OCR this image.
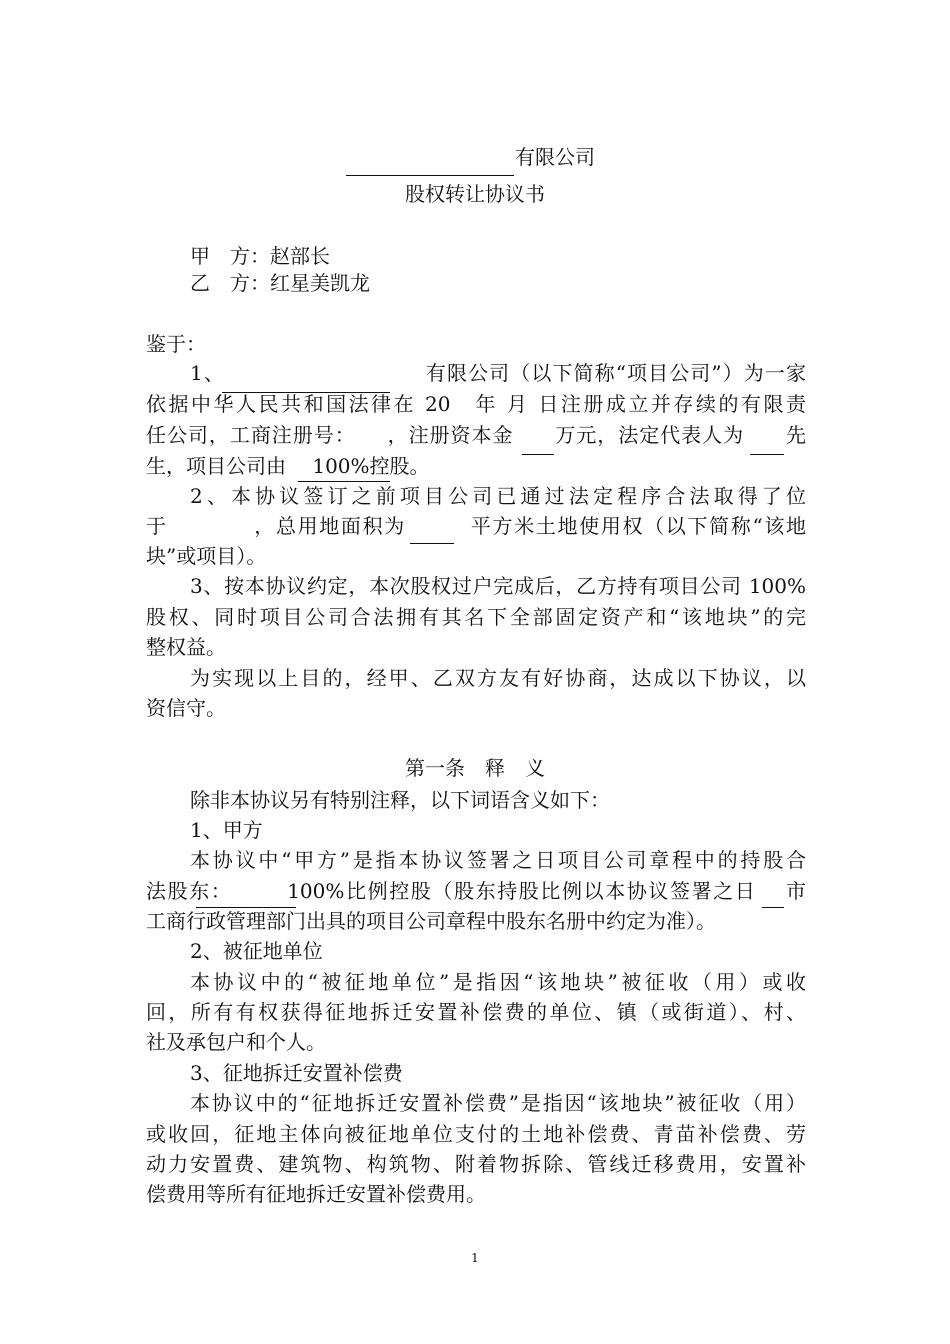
有限公司
股权转让协议书
甲　方：赵部长
乙　方：红星美凯龙
鉴于：
1、　　　　　　　　　　有限公司（以下简称“项目公司”）为一家
依据中华人民共和国法律在 20　年 月 日注册成立并存续的有限责
任公司，工商注册号：　　，注册资本金　　万元，法定代表人为　　先
生，项目公司由　 100%控股。
2、本协议签订之前项目公司已通过法定程序合法取得了位
于　　　　，总用地面积为　　　平方米土地使用权（以下简称“该地
块”或项目）。
3、按本协议约定，本次股权过户完成后，乙方持有项目公司 100%
股权、同时项目公司合法拥有其名下全部固定资产和“该地块”的完
整权益。
为实现以上目的，经甲、乙双方友有好协商，达成以下协议，以
资信守。
第一条　释　义
除非本协议另有特别注释，以下词语含义如下：
1、甲方
本协议中“甲方”是指本协议签署之日项目公司章程中的持股合
法股东：　　　100%比例控股（股东持股比例以本协议签署之日　 市
工商行政管理部门出具的项目公司章程中股东名册中约定为准）。
2、被征地单位
本协议中的“被征地单位”是指因“该地块”被征收（用）或收
回，所有有权获得征地拆迁安置补偿费的单位、镇（或街道）、村、
社及承包户和个人。
3、征地拆迁安置补偿费
本协议中的“征地拆迁安置补偿费”是指因“该地块”被征收（用）
或收回，征地主体向被征地单位支付的土地补偿费、青苗补偿费、劳
动力安置费、建筑物、构筑物、附着物拆除、管线迁移费用，安置补
偿费用等所有征地拆迁安置补偿费用。
1
